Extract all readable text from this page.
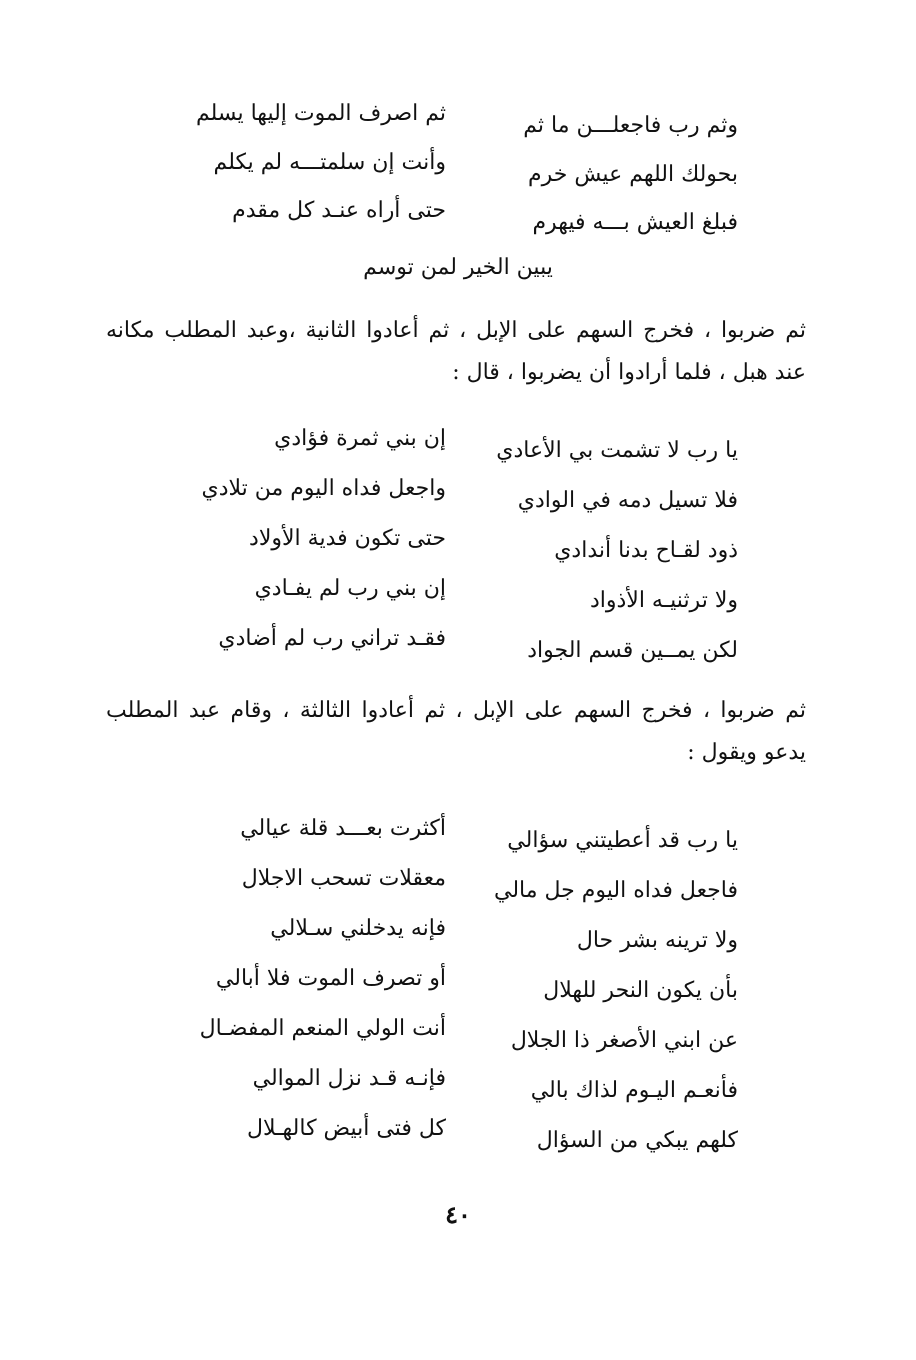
وثم رب فاجعلـــن ما ثم
ثم اصرف الموت إليها يسلم
بحولك اللهم عيش خرم
وأنت إن سلمتـــه لم يكلم
فبلغ العيش بـــه فيهرم
حتى أراه عنـد كل مقدم
يبين الخير لمن توسم
ثم ضربوا ، فخرج السهم على الإبل ، ثم أعادوا الثانية ،وعبد المطلب مكانه عند هبل ، فلما أرادوا أن يضربوا ، قال :
يا رب لا تشمت بي الأعادي
إن بني ثمرة فؤادي
فلا تسيل دمه في الوادي
واجعل فداه اليوم من تلادي
ذود لقـاح بدنا أندادي
حتى تكون فدية الأولاد
ولا ترثنيـه الأذواد
إن بني رب لم يفـادي
لكن يمــين قسم الجواد
فقـد تراني رب لم أضادي
ثم ضربوا ، فخرج السهم على الإبل ، ثم أعادوا الثالثة ، وقام عبد المطلب يدعو ويقول :
يا رب قد أعطيتني سؤالي
أكثرت بعـــد قلة عيالي
فاجعل فداه اليوم جل مالي
معقلات تسحب الاجلال
ولا ترينه بشر حال
فإنه يدخلني سـلالي
بأن يكون النحر للهلال
أو تصرف الموت فلا أبالي
عن ابني الأصغر ذا الجلال
أنت الولي المنعم المفضـال
فأنعـم اليـوم لذاك بالي
فإنـه قـد نزل الموالي
كلهم يبكي من السؤال
كل فتى أبيض كالهـلال
٤٠
